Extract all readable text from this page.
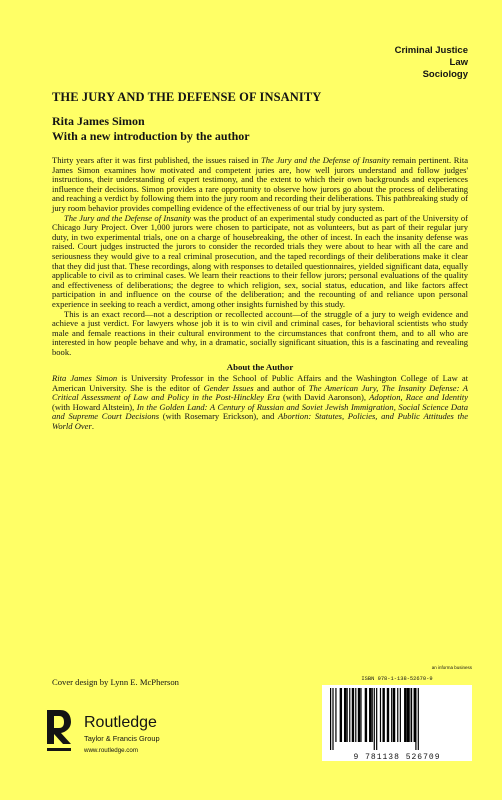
Criminal Justice
Law
Sociology
THE JURY AND THE DEFENSE OF INSANITY
Rita James Simon
With a new introduction by the author

Thirty years after it was first published, the issues raised in The Jury and the Defense of Insanity remain pertinent. Rita James Simon examines how motivated and competent juries are, how well jurors understand and follow judges' instructions, their understanding of expert testimony, and the extent to which their own backgrounds and experiences influence their decisions. Simon provides a rare opportunity to observe how jurors go about the process of deliberating and reaching a verdict by following them into the jury room and recording their deliberations. This pathbreaking study of jury room behavior provides compelling evidence of the effectiveness of our trial by jury system.

The Jury and the Defense of Insanity was the product of an experimental study conducted as part of the University of Chicago Jury Project. Over 1,000 jurors were chosen to participate, not as volunteers, but as part of their regular jury duty, in two experimental trials, one on a charge of housebreaking, the other of incest. In each the insanity defense was raised. Court judges instructed the jurors to consider the recorded trials they were about to hear with all the care and seriousness they would give to a real criminal prosecution, and the taped recordings of their deliberations make it clear that they did just that. These recordings, along with responses to detailed questionnaires, yielded significant data, equally applicable to civil as to criminal cases. We learn their reactions to their fellow jurors; personal evaluations of the quality and effectiveness of deliberations; the degree to which religion, sex, social status, education, and like factors affect participation in and influence on the course of the deliberation; and the recounting of and reliance upon personal experience in seeking to reach a verdict, among other insights furnished by this study.

This is an exact record—not a description or recollected account—of the struggle of a jury to weigh evidence and achieve a just verdict. For lawyers whose job it is to win civil and criminal cases, for behavioral scientists who study male and female reactions in their cultural environment to the circumstances that confront them, and to all who are interested in how people behave and why, in a dramatic, socially significant situation, this is a fascinating and revealing book.

About the Author

Rita James Simon is University Professor in the School of Public Affairs and the Washington College of Law at American University. She is the editor of Gender Issues and author of The American Jury, The Insanity Defense: A Critical Assessment of Law and Policy in the Post-Hinckley Era (with David Aaronson), Adoption, Race and Identity (with Howard Altstein), In the Golden Land: A Century of Russian and Soviet Jewish Immigration, Social Science Data and Supreme Court Decisions (with Rosemary Erickson), and Abortion: Statutes, Policies, and Public Attitudes the World Over.

Cover design by Lynn E. McPherson
an informa business
ISBN 978-1-138-52670-9
9 781138 526709
Routledge
Taylor & Francis Group
www.routledge.com
